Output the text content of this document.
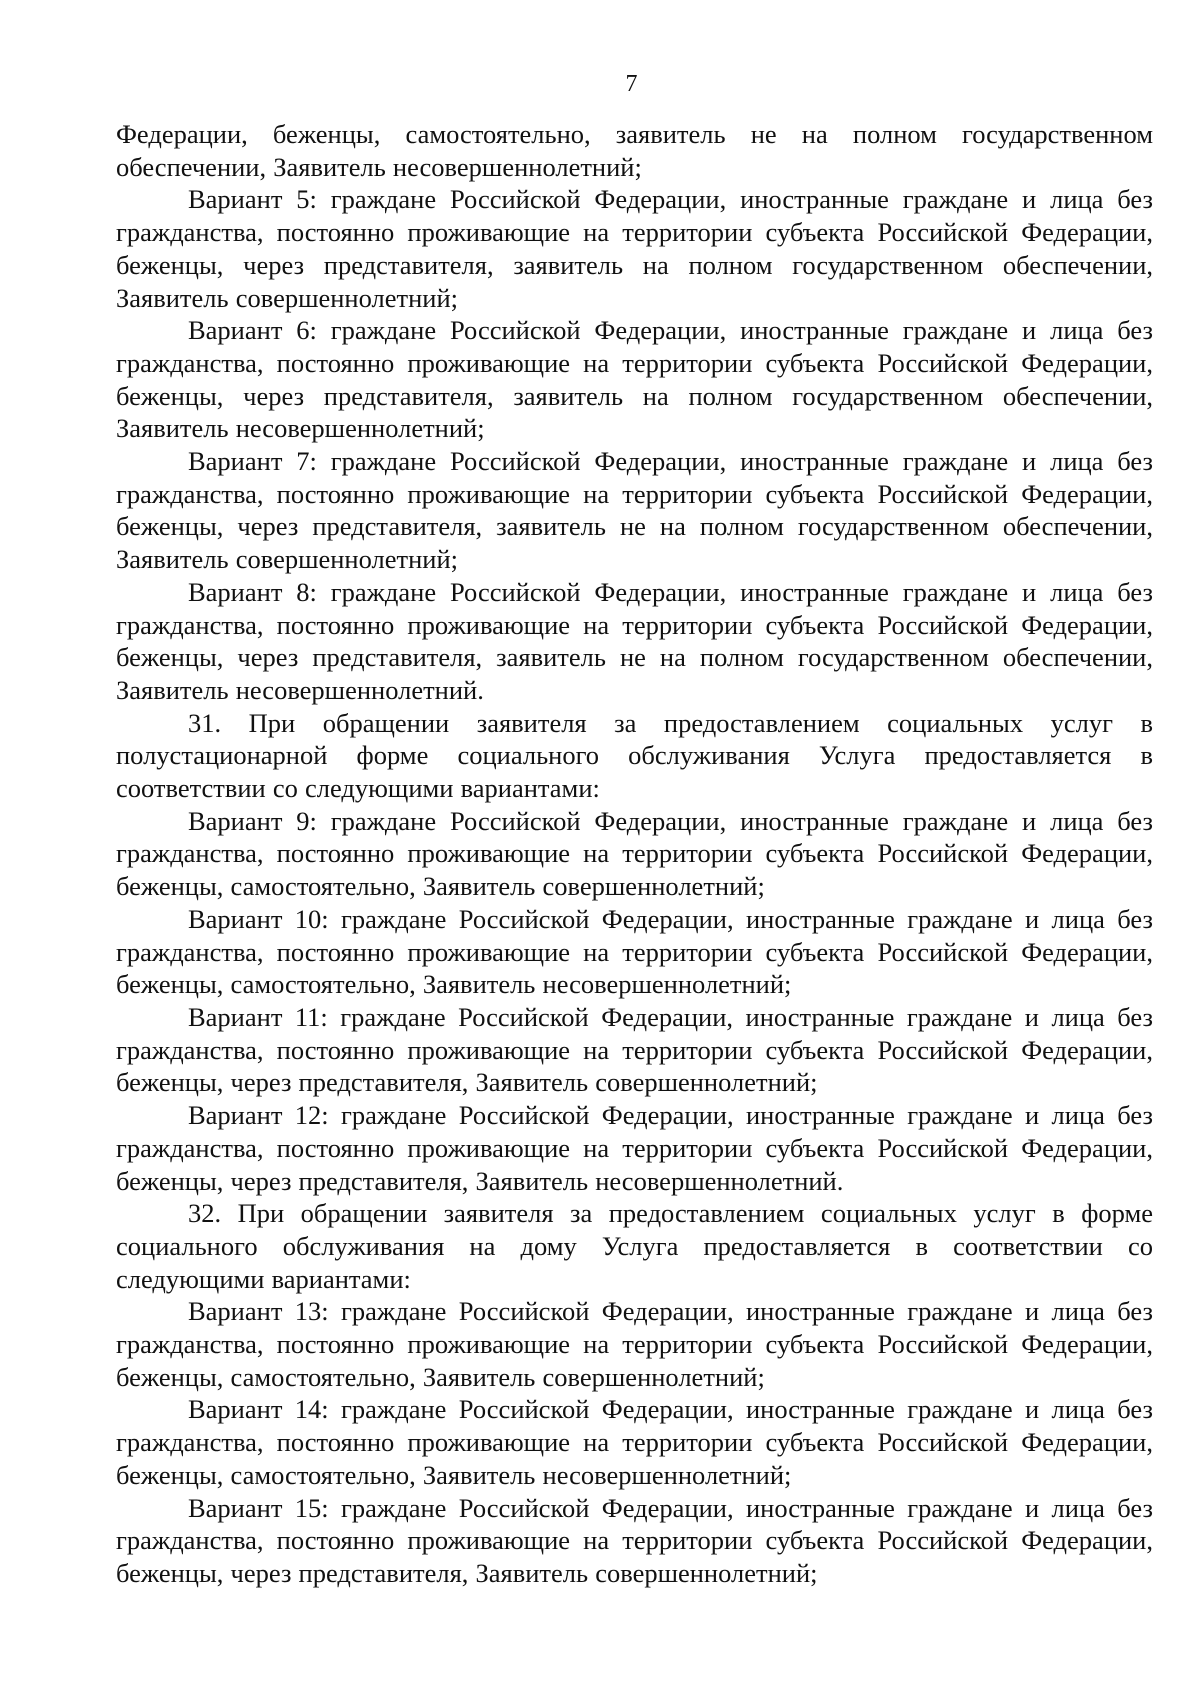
7

Федерации, беженцы, самостоятельно, заявитель не на полном государственном обеспечении, Заявитель несовершеннолетний;

Вариант 5: граждане Российской Федерации, иностранные граждане и лица без гражданства, постоянно проживающие на территории субъекта Российской Федерации, беженцы, через представителя, заявитель на полном государственном обеспечении, Заявитель совершеннолетний;

Вариант 6: граждане Российской Федерации, иностранные граждане и лица без гражданства, постоянно проживающие на территории субъекта Российской Федерации, беженцы, через представителя, заявитель на полном государственном обеспечении, Заявитель несовершеннолетний;

Вариант 7: граждане Российской Федерации, иностранные граждане и лица без гражданства, постоянно проживающие на территории субъекта Российской Федерации, беженцы, через представителя, заявитель не на полном государственном обеспечении, Заявитель совершеннолетний;

Вариант 8: граждане Российской Федерации, иностранные граждане и лица без гражданства, постоянно проживающие на территории субъекта Российской Федерации, беженцы, через представителя, заявитель не на полном государственном обеспечении, Заявитель несовершеннолетний.

31. При обращении заявителя за предоставлением социальных услуг в полустационарной форме социального обслуживания Услуга предоставляется в соответствии со следующими вариантами:

Вариант 9: граждане Российской Федерации, иностранные граждане и лица без гражданства, постоянно проживающие на территории субъекта Российской Федерации, беженцы, самостоятельно, Заявитель совершеннолетний;

Вариант 10: граждане Российской Федерации, иностранные граждане и лица без гражданства, постоянно проживающие на территории субъекта Российской Федерации, беженцы, самостоятельно, Заявитель несовершеннолетний;

Вариант 11: граждане Российской Федерации, иностранные граждане и лица без гражданства, постоянно проживающие на территории субъекта Российской Федерации, беженцы, через представителя, Заявитель совершеннолетний;

Вариант 12: граждане Российской Федерации, иностранные граждане и лица без гражданства, постоянно проживающие на территории субъекта Российской Федерации, беженцы, через представителя, Заявитель несовершеннолетний.

32. При обращении заявителя за предоставлением социальных услуг в форме социального обслуживания на дому Услуга предоставляется в соответствии со следующими вариантами:

Вариант 13: граждане Российской Федерации, иностранные граждане и лица без гражданства, постоянно проживающие на территории субъекта Российской Федерации, беженцы, самостоятельно, Заявитель совершеннолетний;

Вариант 14: граждане Российской Федерации, иностранные граждане и лица без гражданства, постоянно проживающие на территории субъекта Российской Федерации, беженцы, самостоятельно, Заявитель несовершеннолетний;

Вариант 15: граждане Российской Федерации, иностранные граждане и лица без гражданства, постоянно проживающие на территории субъекта Российской Федерации, беженцы, через представителя, Заявитель совершеннолетний;
